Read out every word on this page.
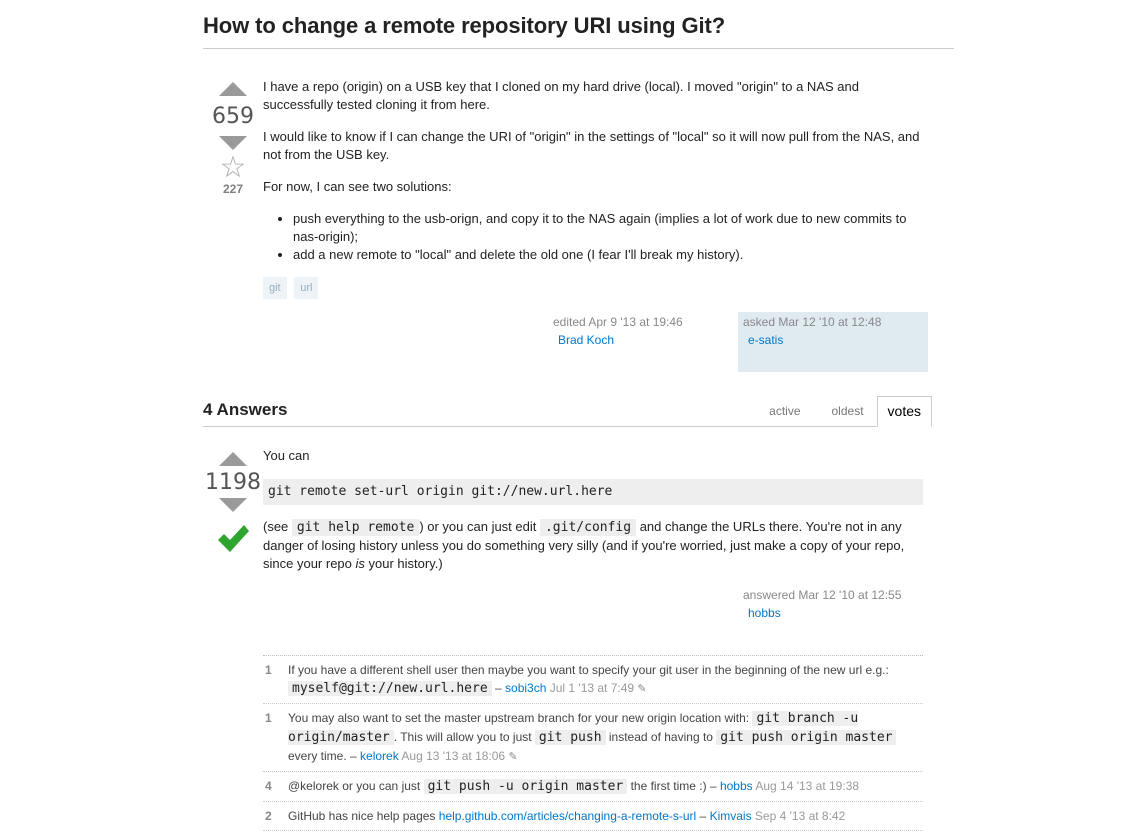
How to change a remote repository URI using Git?
659
☆
227

I have a repo (origin) on a USB key that I cloned on my hard drive (local). I moved "origin" to a NAS and successfully tested cloning it from here.

I would like to know if I can change the URI of "origin" in the settings of "local" so it will now pull from the NAS, and not from the USB key.

For now, I can see two solutions:

• push everything to the usb-orign, and copy it to the NAS again (implies a lot of work due to new commits to nas-origin);
• add a new remote to "local" and delete the old one (I fear I'll break my history).
git url
edited Apr 9 '13 at 19:46
Brad Koch
asked Mar 12 '10 at 12:48
e-satis
4 Answers	active	oldest	votes
1198

You can

git remote set-url origin git://new.url.here

(see git help remote ) or you can just edit .git/config and change the URLs there. You're not in any danger of losing history unless you do something very silly (and if you're worried, just make a copy of your repo, since your repo is your history.)

answered Mar 12 '10 at 12:55
hobbs
1	If you have a different shell user then maybe you want to specify your git user in the beginning of the new url e.g.: myself@git://new.url.here – sobi3ch Jul 1 '13 at 7:49 ✎
1	You may also want to set the master upstream branch for your new origin location with: git branch -u origin/master . This will allow you to just git push instead of having to git push origin master every time. – kelorek Aug 13 '13 at 18:06 ✎
4	@kelorek or you can just git push -u origin master the first time :) – hobbs Aug 14 '13 at 19:38
2	GitHub has nice help pages help.github.com/articles/changing-a-remote-s-url – Kimvais Sep 4 '13 at 8:42
